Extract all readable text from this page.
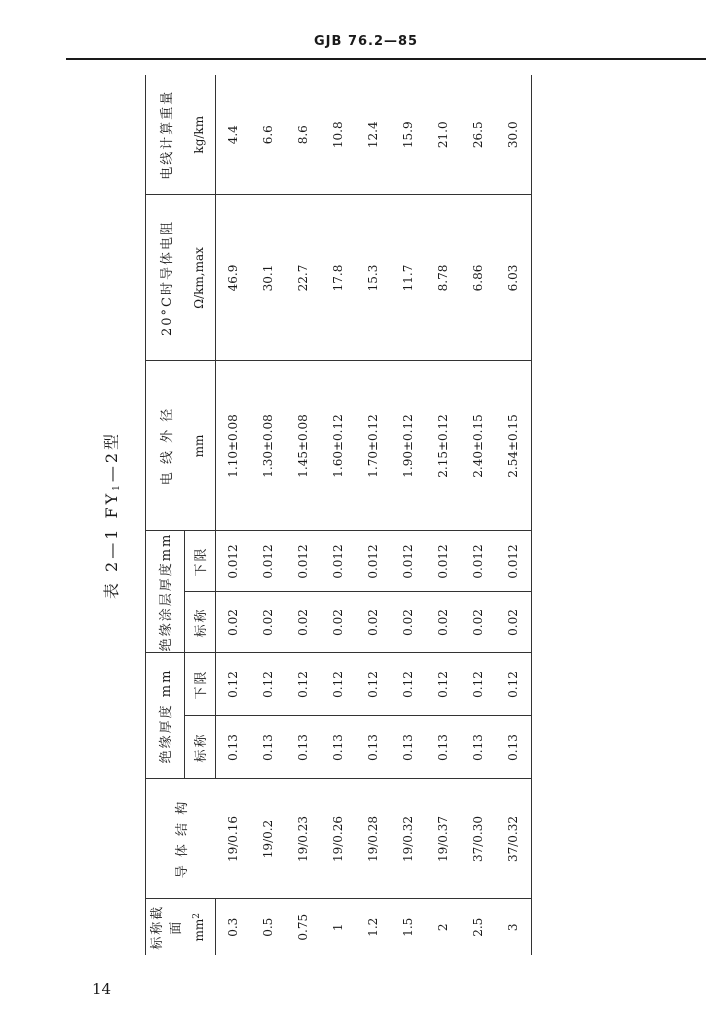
GJB 76.2—85
表 2—1 $FY_1—2$型
标称截面	导 体 结 构	绝缘厚度 mm		绝缘涂层厚度mm		电 线 外 径	20°C时导体电阻	电线计算重量
$mm^2$		标称	下限	标称	下限	mm	Ω/km,max	kg/km
0.3	19/0.16	0.13	0.12	0.02	0.012	1.10±0.08	46.9	4.4
0.5	19/0.2	0.13	0.12	0.02	0.012	1.30±0.08	30.1	6.6
0.75	19/0.23	0.13	0.12	0.02	0.012	1.45±0.08	22.7	8.6
1	19/0.26	0.13	0.12	0.02	0.012	1.60±0.12	17.8	10.8
1.2	19/0.28	0.13	0.12	0.02	0.012	1.70±0.12	15.3	12.4
1.5	19/0.32	0.13	0.12	0.02	0.012	1.90±0.12	11.7	15.9
2	19/0.37	0.13	0.12	0.02	0.012	2.15±0.12	8.78	21.0
2.5	37/0.30	0.13	0.12	0.02	0.012	2.40±0.15	6.86	26.5
3	37/0.32	0.13	0.12	0.02	0.012	2.54±0.15	6.03	30.0
14
